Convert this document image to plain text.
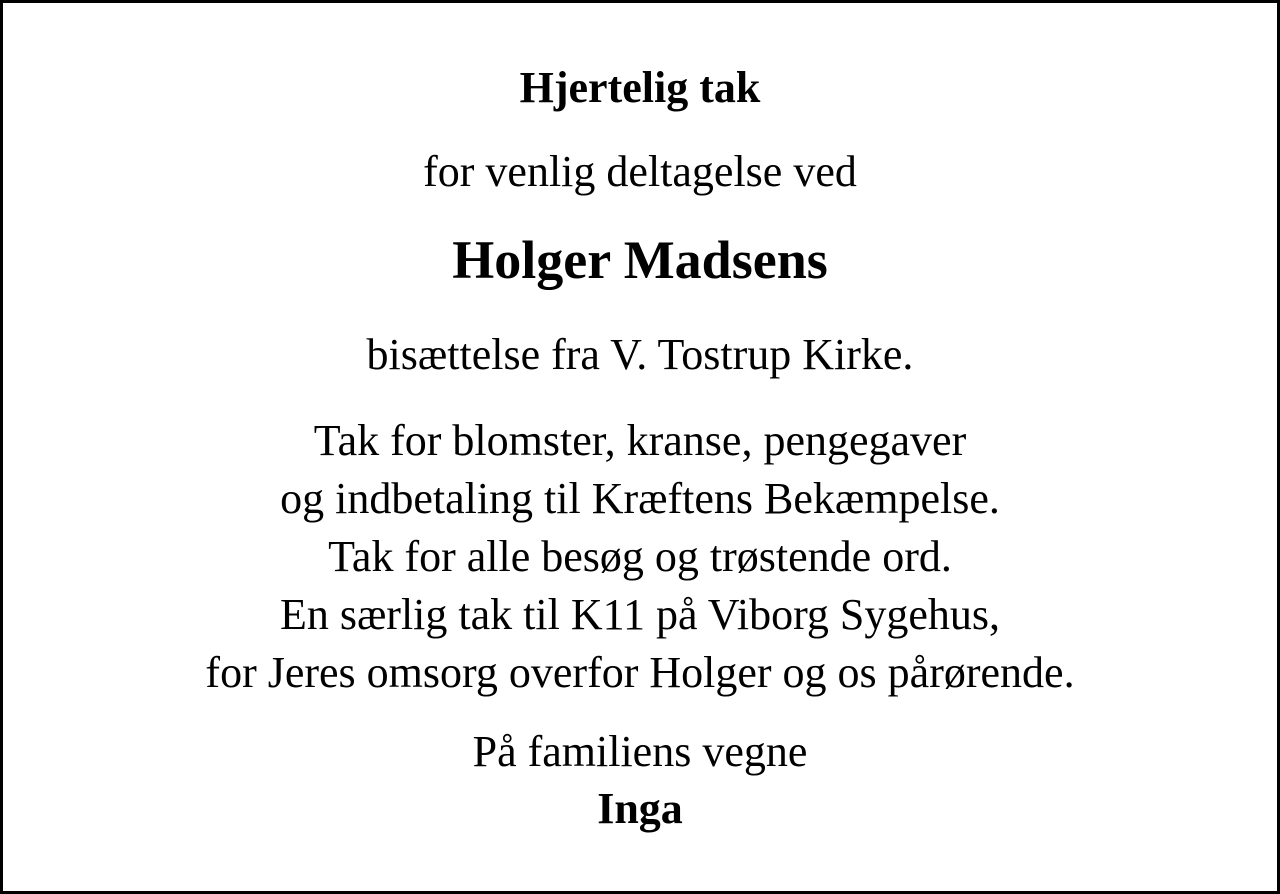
Hjertelig tak
for venlig deltagelse ved
Holger Madsens
bisættelse fra V. Tostrup Kirke.
Tak for blomster, kranse, pengegaver
og indbetaling til Kræftens Bekæmpelse.
Tak for alle besøg og trøstende ord.
En særlig tak til K11 på Viborg Sygehus,
for Jeres omsorg overfor Holger og os pårørende.
På familiens vegne
Inga
